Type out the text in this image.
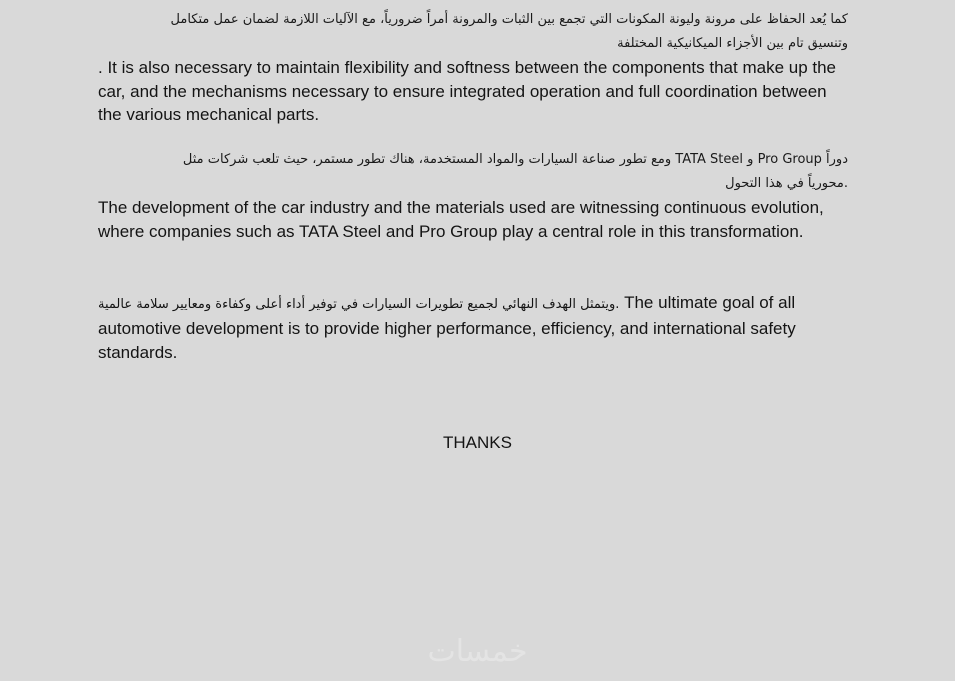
كما يُعد الحفاظ على مرونة وليونة المكونات التي تجمع بين الثبات والمرونة أمراً ضرورياً، مع الآليات اللازمة لضمان عمل متكامل

وتنسيق تام بين الأجزاء الميكانيكية المختلفة

. It is also necessary to maintain flexibility and softness between the components that make up the car, and the mechanisms necessary to ensure integrated operation and full coordination between the various mechanical parts.

دوراً Pro Group و TATA Steel ومع تطور صناعة السيارات والمواد المستخدمة، هناك تطور مستمر، حيث تلعب شركات مثل

.محورياً في هذا التحول

The development of the car industry and the materials used are witnessing continuous evolution, where companies such as TATA Steel and Pro Group play a central role in this transformation.

.ويتمثل الهدف النهائي لجميع تطويرات السيارات في توفير أداء أعلى وكفاءة ومعايير سلامة عالمية The ultimate goal of all automotive development is to provide higher performance, efficiency, and international safety standards.

THANKS

خمسات
